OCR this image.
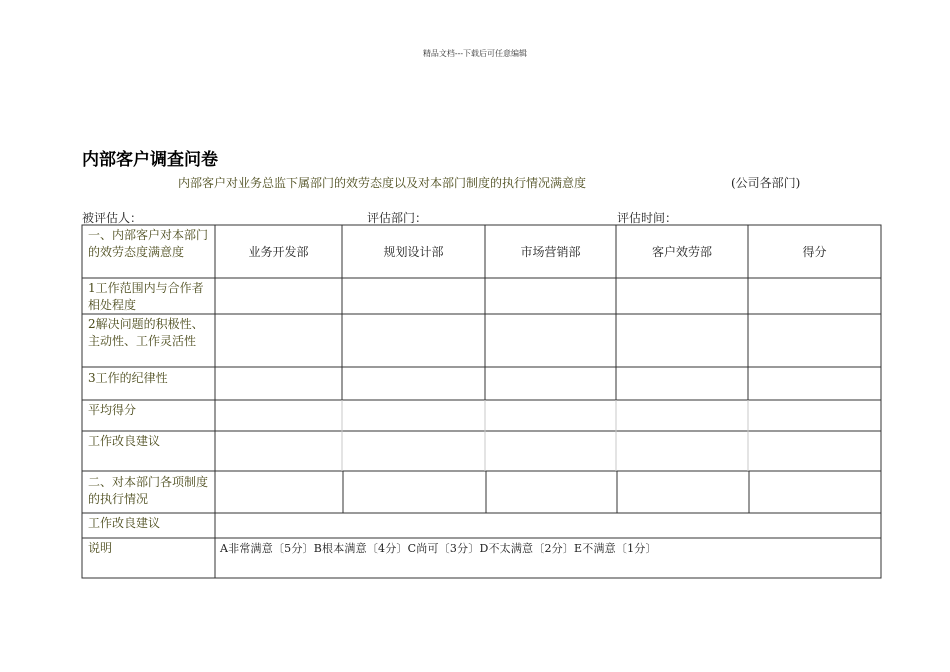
精品文档---下载后可任意编辑
内部客户调查问卷
内部客户对业务总监下属部门的效劳态度以及对本部门制度的执行情况满意度	(公司各部门)
被评估人：	评估部门：	评估时间：
一、内部客户对本部门的效劳态度满意度	业务开发部	规划设计部	市场营销部	客户效劳部	得分
1工作范围内与合作者相处程度
2解决问题的积极性、主动性、工作灵活性
3工作的纪律性
平均得分
工作改良建议
二、对本部门各项制度的执行情况
工作改良建议
说明	A非常满意〔5分〕B根本满意〔4分〕C尚可〔3分〕D不太满意〔2分〕E不满意〔1分〕
